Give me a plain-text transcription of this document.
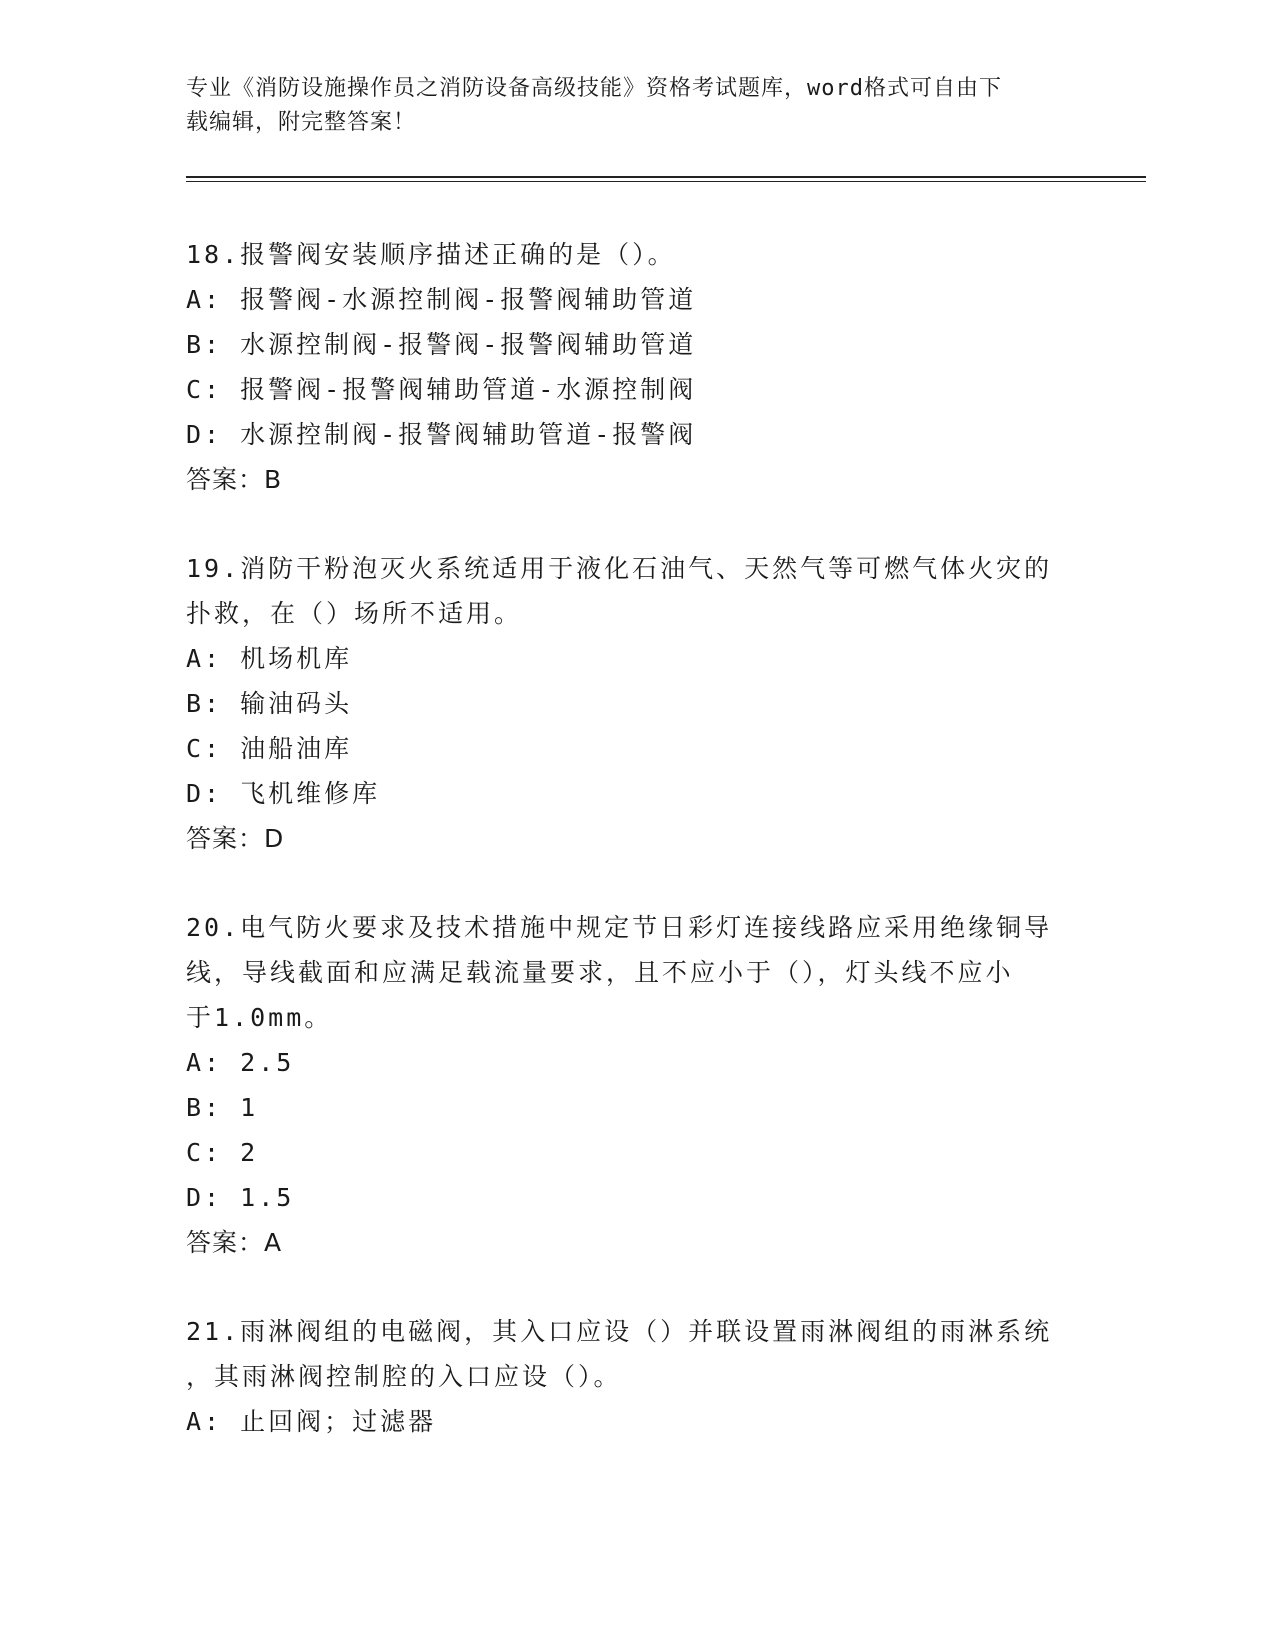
专业《消防设施操作员之消防设备高级技能》资格考试题库，word格式可自由下
载编辑，附完整答案！
18.报警阀安装顺序描述正确的是（）。
A: 报警阀-水源控制阀-报警阀辅助管道
B: 水源控制阀-报警阀-报警阀辅助管道
C: 报警阀-报警阀辅助管道-水源控制阀
D: 水源控制阀-报警阀辅助管道-报警阀
答案：B
19.消防干粉泡灭火系统适用于液化石油气、天然气等可燃气体火灾的
扑救，在（）场所不适用。
A: 机场机库
B: 输油码头
C: 油船油库
D: 飞机维修库
答案：D
20.电气防火要求及技术措施中规定节日彩灯连接线路应采用绝缘铜导
线，导线截面和应满足载流量要求，且不应小于（），灯头线不应小
于1.0mm。
A: 2.5
B: 1
C: 2
D: 1.5
答案：A
21.雨淋阀组的电磁阀，其入口应设（）并联设置雨淋阀组的雨淋系统
，其雨淋阀控制腔的入口应设（）。
A: 止回阀；过滤器
